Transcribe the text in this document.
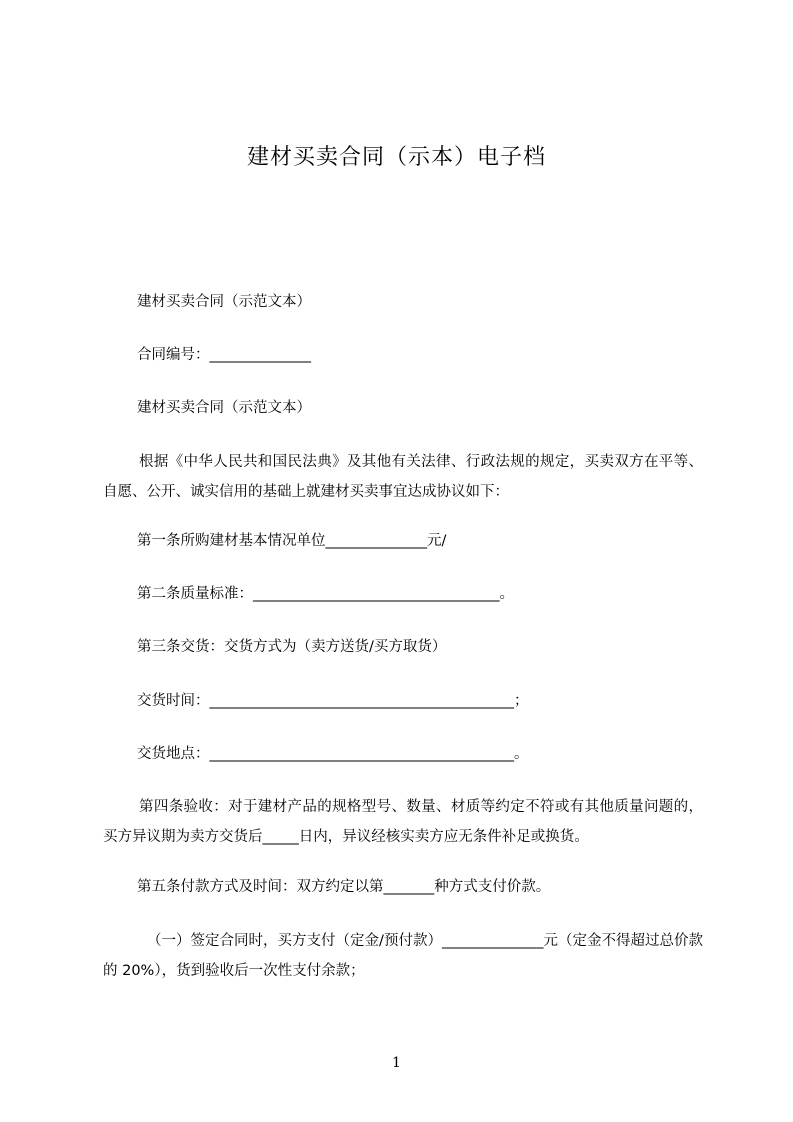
建材买卖合同（示本）电子档
建材买卖合同（示范文本）
合同编号：______________
建材买卖合同（示范文本）
根据《中华人民共和国民法典》及其他有关法律、行政法规的规定，买卖双方在平等、自愿、公开、诚实信用的基础上就建材买卖事宜达成协议如下：
第一条所购建材基本情况单位______________元/
第二条质量标准：__________________________________。
第三条交货：交货方式为（卖方送货/买方取货）
交货时间：__________________________________________；
交货地点：__________________________________________。
第四条验收：对于建材产品的规格型号、数量、材质等约定不符或有其他质量问题的，买方异议期为卖方交货后_____日内，异议经核实卖方应无条件补足或换货。
第五条付款方式及时间：双方约定以第_______种方式支付价款。
（一）签定合同时，买方支付（定金/预付款）______________元（定金不得超过总价款的 20%），货到验收后一次性支付余款；
1
